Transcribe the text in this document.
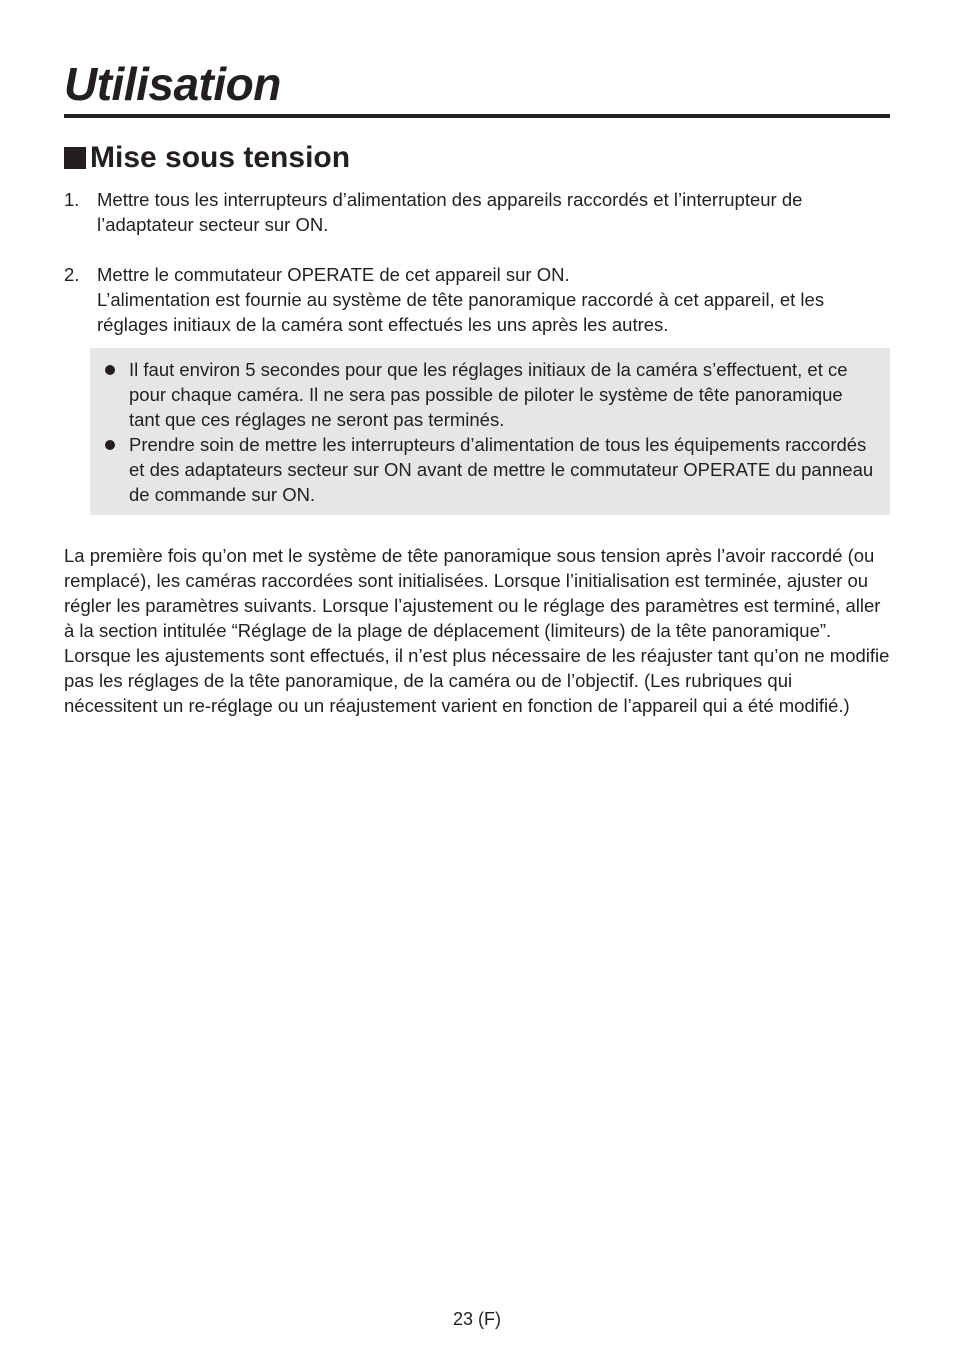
Utilisation
Mise sous tension
1. Mettre tous les interrupteurs d’alimentation des appareils raccordés et l’interrupteur de l’adaptateur secteur sur ON.
2. Mettre le commutateur OPERATE de cet appareil sur ON.
L’alimentation est fournie au système de tête panoramique raccordé à cet appareil, et les réglages initiaux de la caméra sont effectués les uns après les autres.
Il faut environ 5 secondes pour que les réglages initiaux de la caméra s’effectuent, et ce pour chaque caméra. Il ne sera pas possible de piloter le système de tête panoramique tant que ces réglages ne seront pas terminés.
Prendre soin de mettre les interrupteurs d’alimentation de tous les équipements raccordés et des adaptateurs secteur sur ON avant de mettre le commutateur OPERATE du panneau de commande sur ON.

La première fois qu’on met le système de tête panoramique sous tension après l’avoir raccordé (ou remplacé), les caméras raccordées sont initialisées. Lorsque l’initialisation est terminée, ajuster ou régler les paramètres suivants. Lorsque l’ajustement ou le réglage des paramètres est terminé, aller à la section intitulée “Réglage de la plage de déplacement (limiteurs) de la tête panoramique”.

Lorsque les ajustements sont effectués, il n’est plus nécessaire de les réajuster tant qu’on ne modifie pas les réglages de la tête panoramique, de la caméra ou de l’objectif. (Les rubriques qui nécessitent un re-réglage ou un réajustement varient en fonction de l’appareil qui a été modifié.)

23 (F)
